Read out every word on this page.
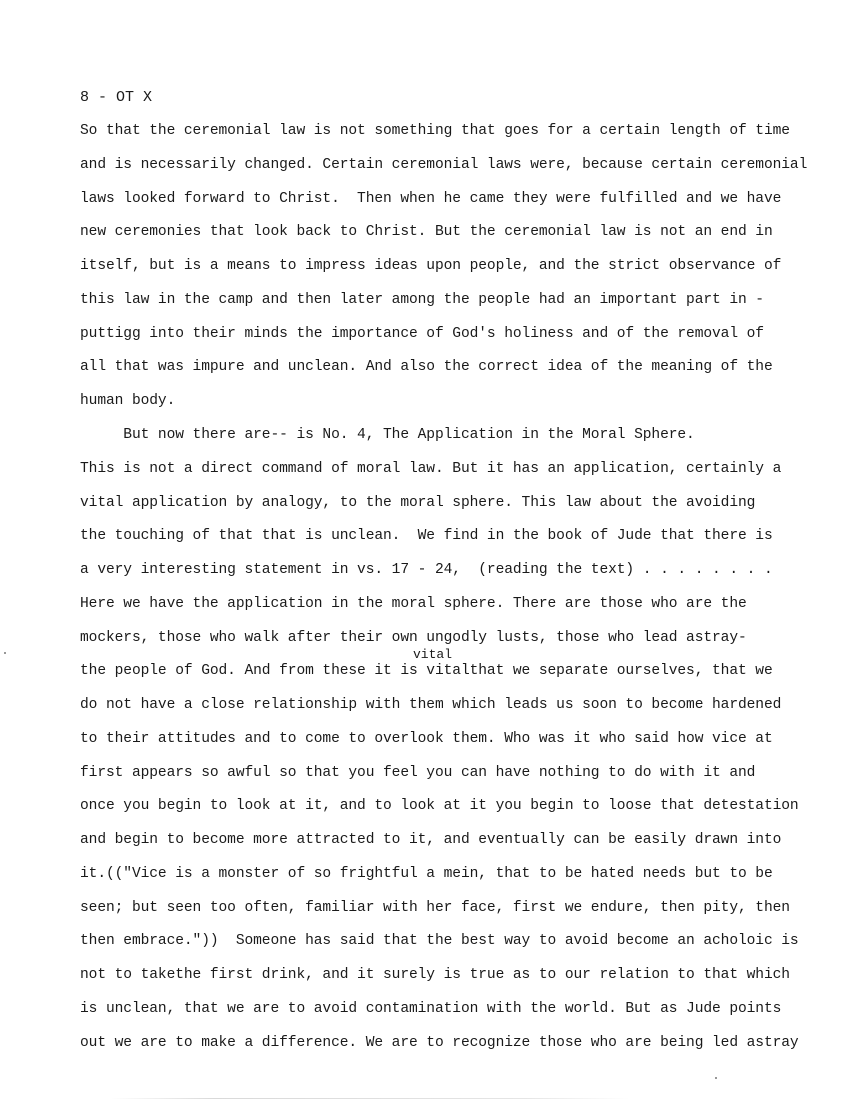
8 - OT X
So that the ceremonial law is not something that goes for a certain length of time
and is necessarily changed. Certain ceremonial laws were, because certain ceremonial
laws looked forward to Christ.  Then when he came they were fulfilled and we have
new ceremonies that look back to Christ. But the ceremonial law is not an end in
itself, but is a means to impress ideas upon people, and the strict observance of
this law in the camp and then later among the people had an important part in -
puttigg into their minds the importance of God's holiness and of the removal of
all that was impure and unclean. And also the correct idea of the meaning of the
human body.
But now there are-- is No. 4, The Application in the Moral Sphere.
This is not a direct command of moral law. But it has an application, certainly a
vital application by analogy, to the moral sphere. This law about the avoiding
the touching of that that is unclean.  We find in the book of Jude that there is
a very interesting statement in vs. 17 - 24,  (reading the text) . . . . . . . .
Here we have the application in the moral sphere. There are those who are the
mockers, those who walk after their own ungodly lusts, those who lead astray-
vital
the people of God. And from these it is vitalthat we separate ourselves, that we
do not have a close relationship with them which leads us soon to become hardened
to their attitudes and to come to overlook them. Who was it who said how vice at
first appears so awful so that you feel you can have nothing to do with it and
once you begin to look at it, and to look at it you begin to loose that detestation
and begin to become more attracted to it, and eventually can be easily drawn into
it.(("Vice is a monster of so frightful a mein, that to be hated needs but to be
seen; but seen too often, familiar with her face, first we endure, then pity, then
then embrace."))  Someone has said that the best way to avoid become an acholoic is
not to takethe first drink, and it surely is true as to our relation to that which
is unclean, that we are to avoid contamination with the world. But as Jude points
out we are to make a difference. We are to recognize those who are being led astray
